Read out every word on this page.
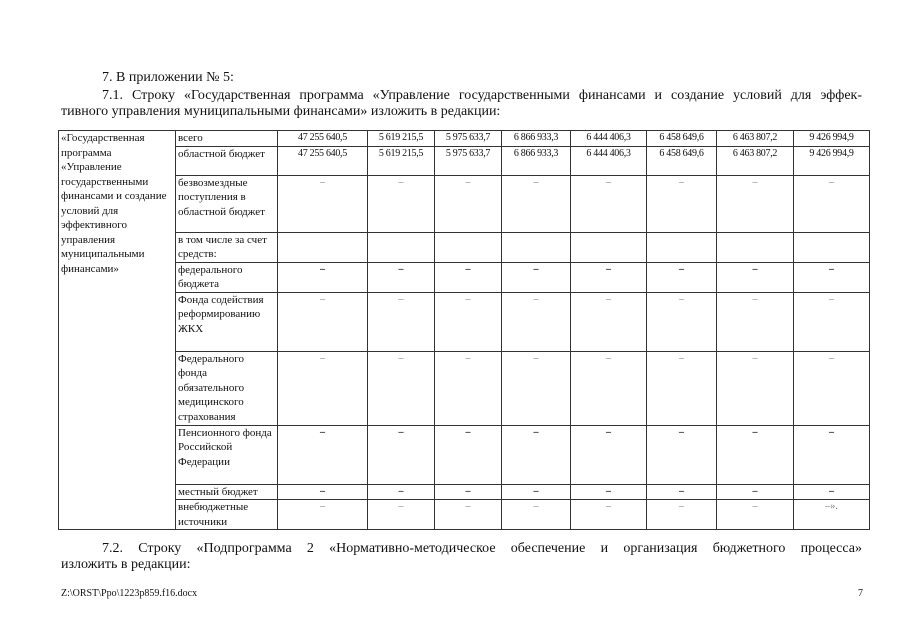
7. В приложении № 5:
7.1. Строку «Государственная программа «Управление государственными финансами и создание условий для эффек-
тивного управления муниципальными финансами» изложить в редакции:
«Государственная программа «Управление государственными финансами и создание условий для эффективного управления муниципальными финансами»	всего	47 255 640,5	5 619 215,5	5 975 633,7	6 866 933,3	6 444 406,3	6 458 649,6	6 463 807,2	9 426 994,9
	областной бюджет	47 255 640,5	5 619 215,5	5 975 633,7	6 866 933,3	6 444 406,3	6 458 649,6	6 463 807,2	9 426 994,9
	безвозмездные поступления в областной бюджет	–	–	–	–	–	–	–	–
	в том числе за счет средств:								
	федерального бюджета	–	–	–	–	–	–	–	–
	Фонда содействия реформированию ЖКХ	–	–	–	–	–	–	–	–
	Федерального фонда обязательного медицинского страхования	–	–	–	–	–	–	–	–
	Пенсионного фонда Российской Федерации	–	–	–	–	–	–	–	–
	местный бюджет	–	–	–	–	–	–	–	–
	внебюджетные источники	–	–	–	–	–	–	–	–».
7.2. Строку «Подпрограмма 2 «Нормативно-методическое обеспечение и организация бюджетного процесса»
изложить в редакции:
Z:\ORST\Ppo\1223p859.f16.docx	7
